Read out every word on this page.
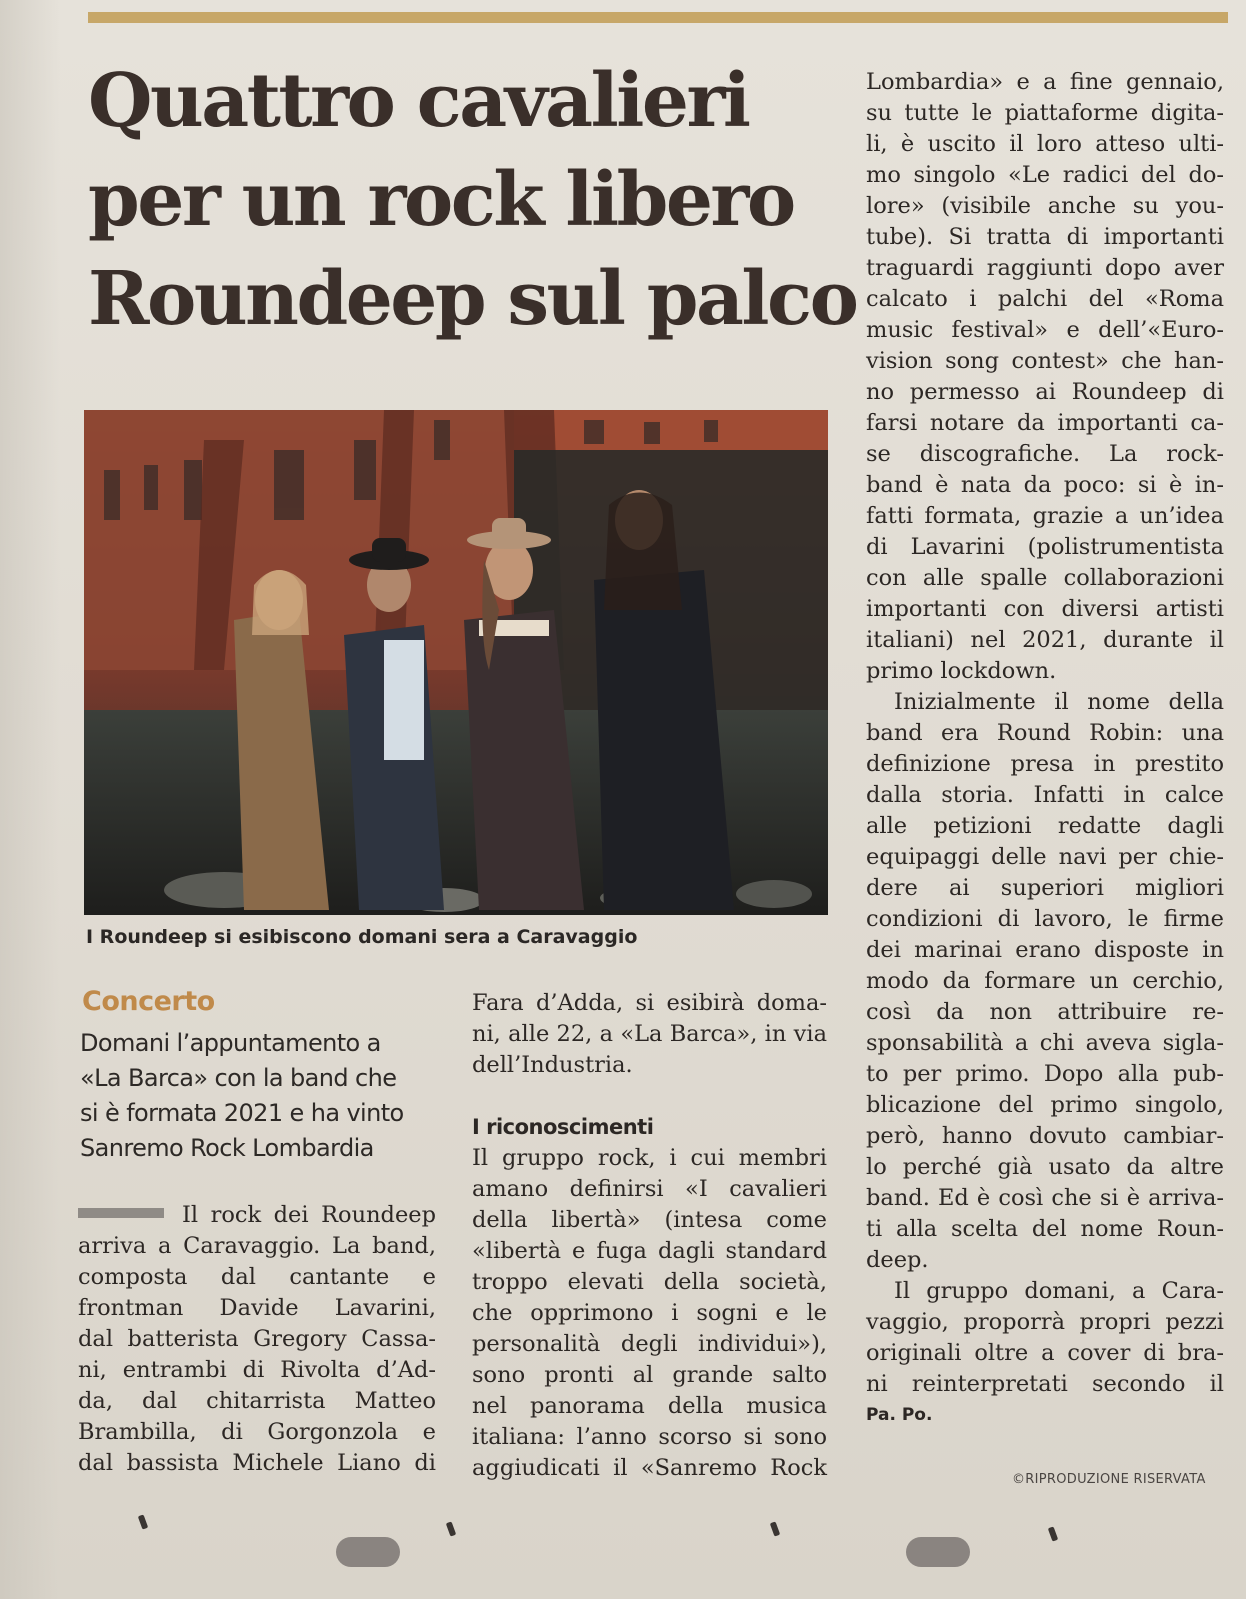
Quattro cavalieri
per un rock libero
Roundeep sul palco
I Roundeep si esibiscono domani sera a Caravaggio
Concerto
Domani l’appuntamento a
«La Barca» con la band che
si è formata 2021 e ha vinto
Sanremo Rock Lombardia
Il rock dei Roundeep
arriva a Caravaggio. La band,
composta dal cantante e
frontman Davide Lavarini,
dal batterista Gregory Cassa-
ni, entrambi di Rivolta d’Ad-
da, dal chitarrista Matteo
Brambilla, di Gorgonzola e
dal bassista Michele Liano di
Fara d’Adda, si esibirà doma-
ni, alle 22, a «La Barca», in via
dell’Industria.
I riconoscimenti
Il gruppo rock, i cui membri
amano definirsi «I cavalieri
della libertà» (intesa come
«libertà e fuga dagli standard
troppo elevati della società,
che opprimono i sogni e le
personalità degli individui»),
sono pronti al grande salto
nel panorama della musica
italiana: l’anno scorso si sono
aggiudicati il «Sanremo Rock
Lombardia» e a fine gennaio,
su tutte le piattaforme digita-
li, è uscito il loro atteso ulti-
mo singolo «Le radici del do-
lore» (visibile anche su you-
tube). Si tratta di importanti
traguardi raggiunti dopo aver
calcato i palchi del «Roma
music festival» e dell’«Euro-
vision song contest» che han-
no permesso ai Roundeep di
farsi notare da importanti ca-
se discografiche. La rock-
band è nata da poco: si è in-
fatti formata, grazie a un’idea
di Lavarini (polistrumentista
con alle spalle collaborazioni
importanti con diversi artisti
italiani) nel 2021, durante il
primo lockdown.
Inizialmente il nome della
band era Round Robin: una
definizione presa in prestito
dalla storia. Infatti in calce
alle petizioni redatte dagli
equipaggi delle navi per chie-
dere ai superiori migliori
condizioni di lavoro, le firme
dei marinai erano disposte in
modo da formare un cerchio,
così da non attribuire re-
sponsabilità a chi aveva sigla-
to per primo. Dopo alla pub-
blicazione del primo singolo,
però, hanno dovuto cambiar-
lo perché già usato da altre
band. Ed è così che si è arriva-
ti alla scelta del nome Roun-
deep.
Il gruppo domani, a Cara-
vaggio, proporrà propri pezzi
originali oltre a cover di bra-
ni reinterpretati secondo il
Pa. Po.
©RIPRODUZIONE RISERVATA
